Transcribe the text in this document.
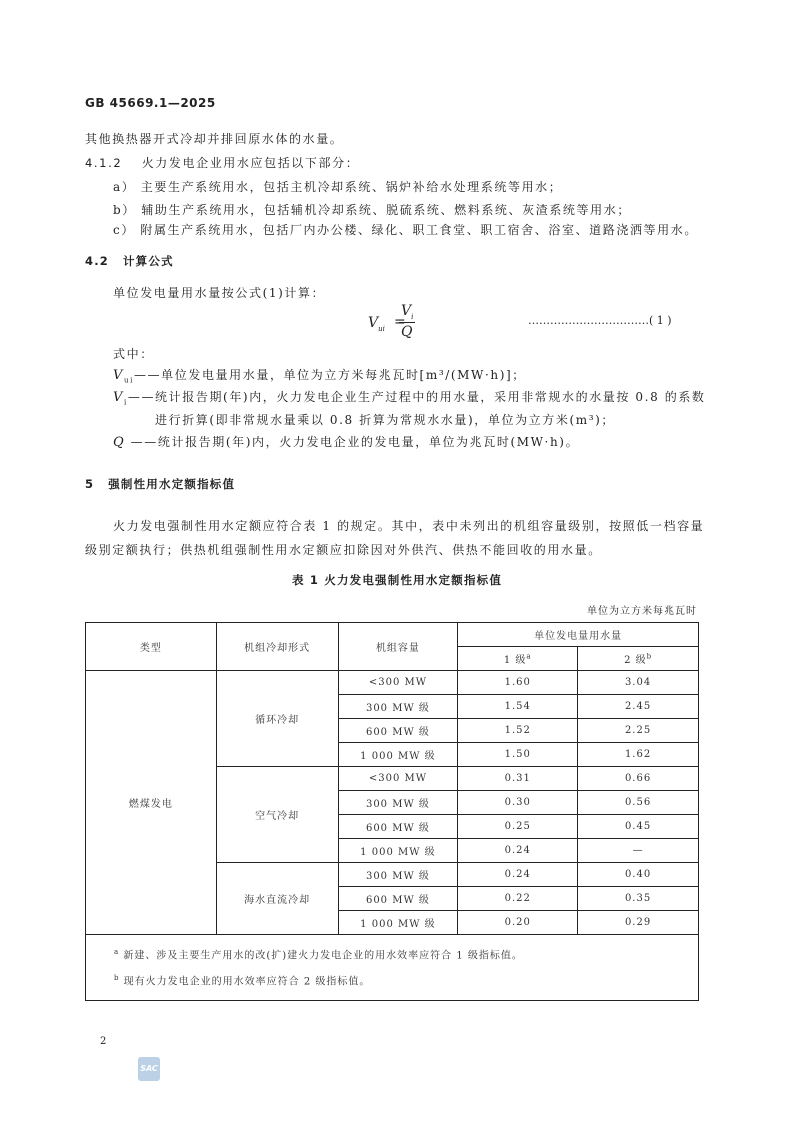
GB 45669.1—2025
其他换热器开式冷却并排回原水体的水量。
4.1.2 火力发电企业用水应包括以下部分：
a） 主要生产系统用水，包括主机冷却系统、锅炉补给水处理系统等用水；
b） 辅助生产系统用水，包括辅机冷却系统、脱硫系统、燃料系统、灰渣系统等用水；
c） 附属生产系统用水，包括厂内办公楼、绿化、职工食堂、职工宿舍、浴室、道路浇洒等用水。
4.2 计算公式
单位发电量用水量按公式(1)计算：
$V_{ui}$ =
$V_i$
Q
……………………………( 1 )
式中：
$V_{ui}——$单位发电量用水量，单位为立方米每兆瓦时[m³/(MW·h)]；
$V_i——$统计报告期(年)内，火力发电企业生产过程中的用水量，采用非常规水的水量按 0.8 的系数
进行折算(即非常规水量乘以 0.8 折算为常规水水量)，单位为立方米(m³)；
Q ——统计报告期(年)内，火力发电企业的发电量，单位为兆瓦时(MW·h)。
5 强制性用水定额指标值
火力发电强制性用水定额应符合表 1 的规定。其中，表中未列出的机组容量级别，按照低一档容量
级别定额执行；供热机组强制性用水定额应扣除因对外供汽、供热不能回收的用水量。
表 1 火力发电强制性用水定额指标值
单位为立方米每兆瓦时
类型	机组冷却形式	机组容量	单位发电量用水量	
			1 级$^a$	2 级$^b$
燃煤发电	循环冷却	<300 MW	1.60	3.04
		300 MW 级	1.54	2.45
		600 MW 级	1.52	2.25
		1 000 MW 级	1.50	1.62
	空气冷却	<300 MW	0.31	0.66
		300 MW 级	0.30	0.56
		600 MW 级	0.25	0.45
		1 000 MW 级	0.24	—
	海水直流冷却	300 MW 级	0.24	0.40
		600 MW 级	0.22	0.35
		1 000 MW 级	0.20	0.29

$^a$ 新建、涉及主要生产用水的改(扩)建火力发电企业的用水效率应符合 1 级指标值。
$^b$ 现有火力发电企业的用水效率应符合 2 级指标值。				
2
SAC
